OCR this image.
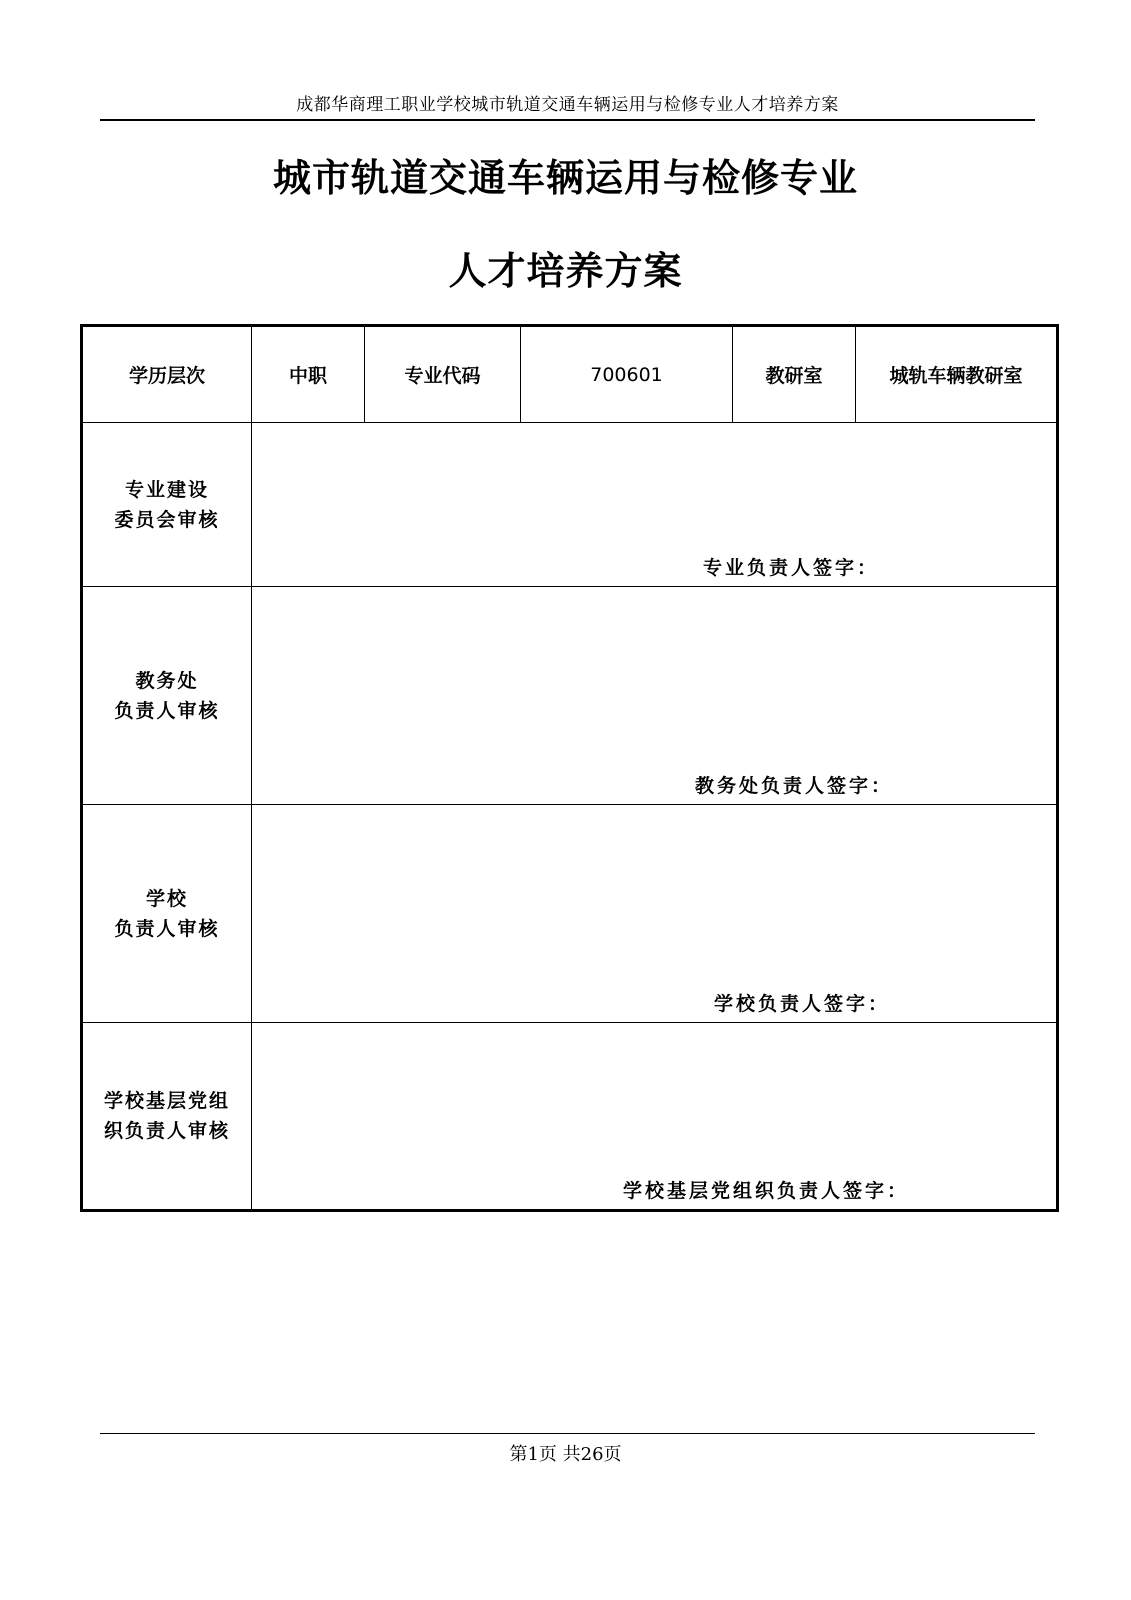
成都华商理工职业学校城市轨道交通车辆运用与检修专业人才培养方案
城市轨道交通车辆运用与检修专业
人才培养方案
学历层次	中职	专业代码	700601	教研室	城轨车辆教研室

专业建设
委员会审核	专业负责人签字：				

教务处
负责人审核	教务处负责人签字：				

学校
负责人审核	学校负责人签字：				

学校基层党组
织负责人审核	学校基层党组织负责人签字：				
第1页 共26页
